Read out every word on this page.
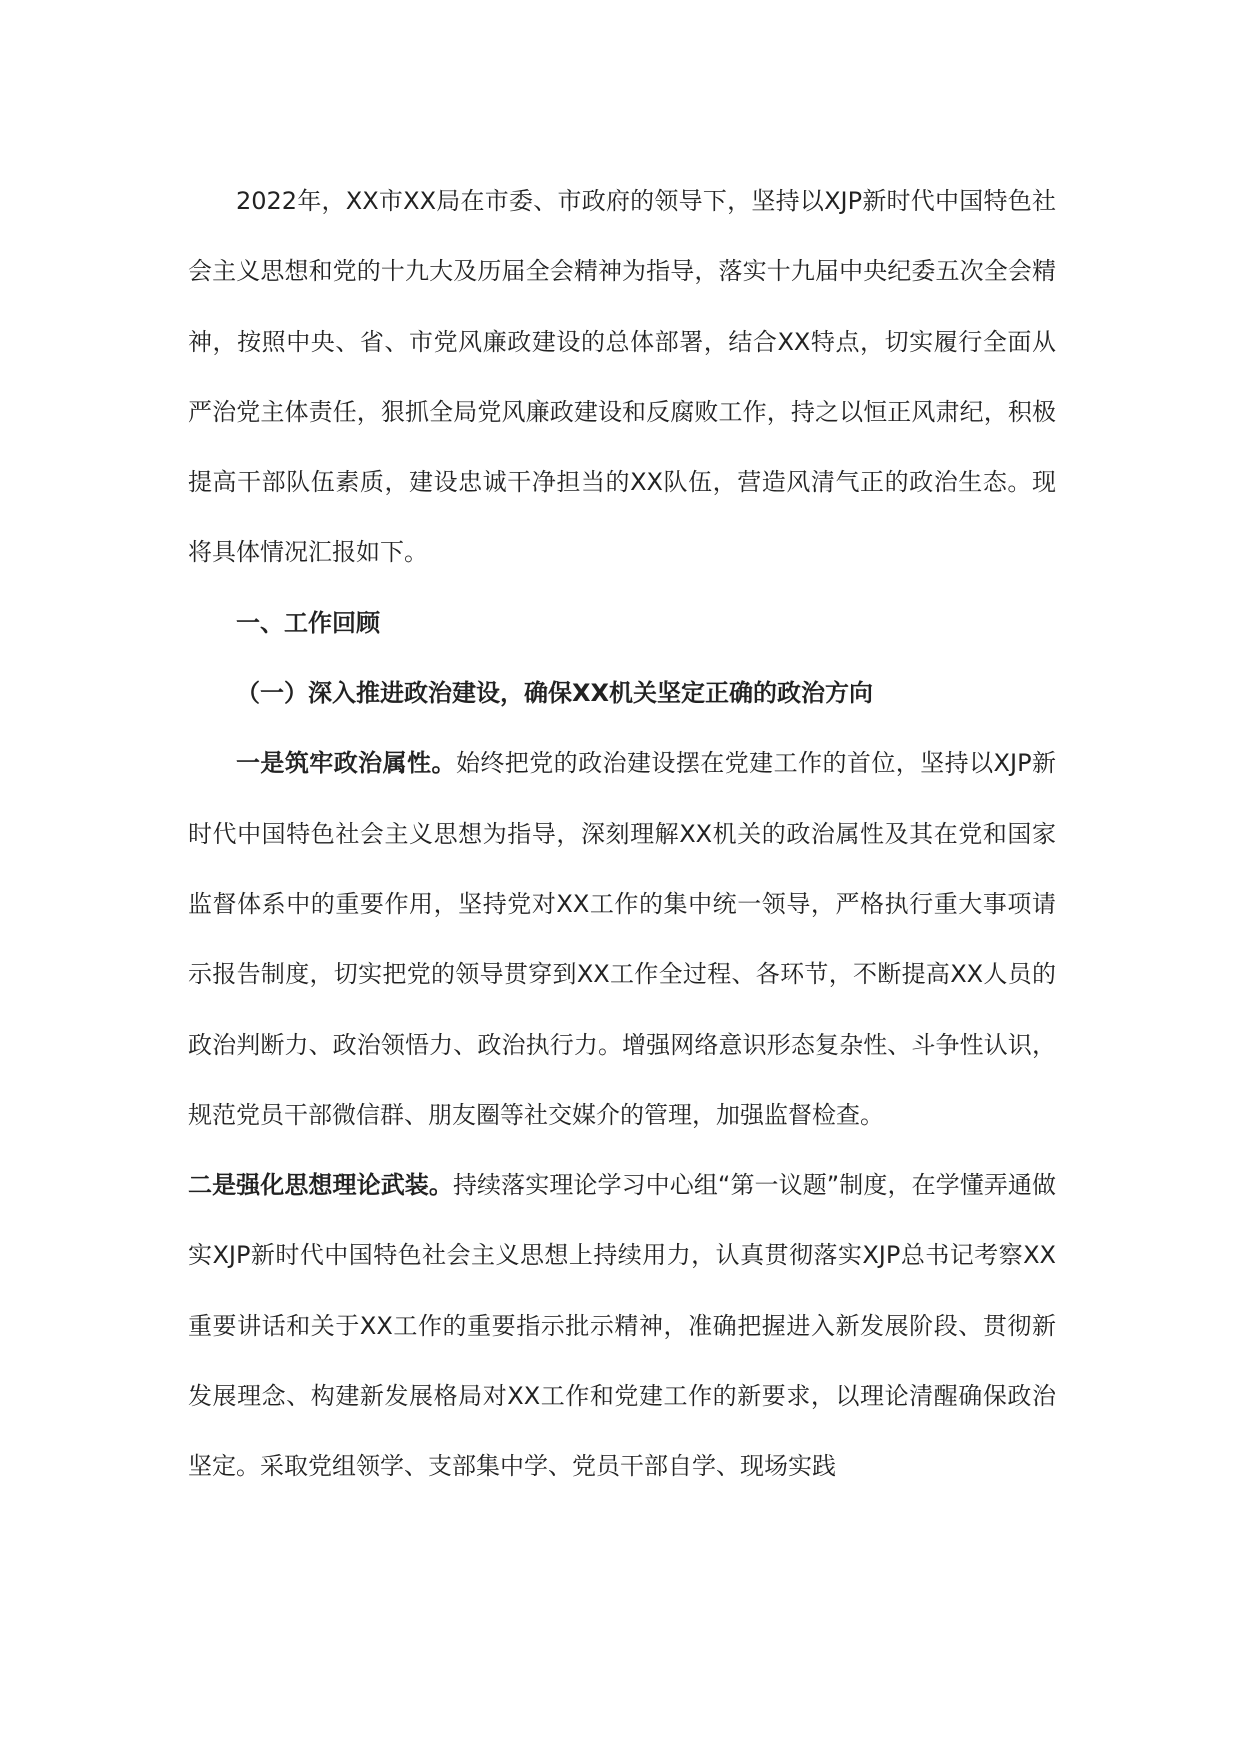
2022年，XX市XX局在市委、市政府的领导下，坚持以XJP新时代中国特色社会主义思想和党的十九大及历届全会精神为指导，落实十九届中央纪委五次全会精神，按照中央、省、市党风廉政建设的总体部署，结合XX特点，切实履行全面从严治党主体责任，狠抓全局党风廉政建设和反腐败工作，持之以恒正风肃纪，积极提高干部队伍素质，建设忠诚干净担当的XX队伍，营造风清气正的政治生态。现将具体情况汇报如下。

一、工作回顾

（一）深入推进政治建设，确保XX机关坚定正确的政治方向

一是筑牢政治属性。始终把党的政治建设摆在党建工作的首位，坚持以XJP新时代中国特色社会主义思想为指导，深刻理解XX机关的政治属性及其在党和国家监督体系中的重要作用，坚持党对XX工作的集中统一领导，严格执行重大事项请示报告制度，切实把党的领导贯穿到XX工作全过程、各环节，不断提高XX人员的政治判断力、政治领悟力、政治执行力。增强网络意识形态复杂性、斗争性认识，规范党员干部微信群、朋友圈等社交媒介的管理，加强监督检查。

二是强化思想理论武装。持续落实理论学习中心组“第一议题”制度，在学懂弄通做实XJP新时代中国特色社会主义思想上持续用力，认真贯彻落实XJP总书记考察XX重要讲话和关于XX工作的重要指示批示精神，准确把握进入新发展阶段、贯彻新发展理念、构建新发展格局对XX工作和党建工作的新要求，以理论清醒确保政治坚定。采取党组领学、支部集中学、党员干部自学、现场实践
